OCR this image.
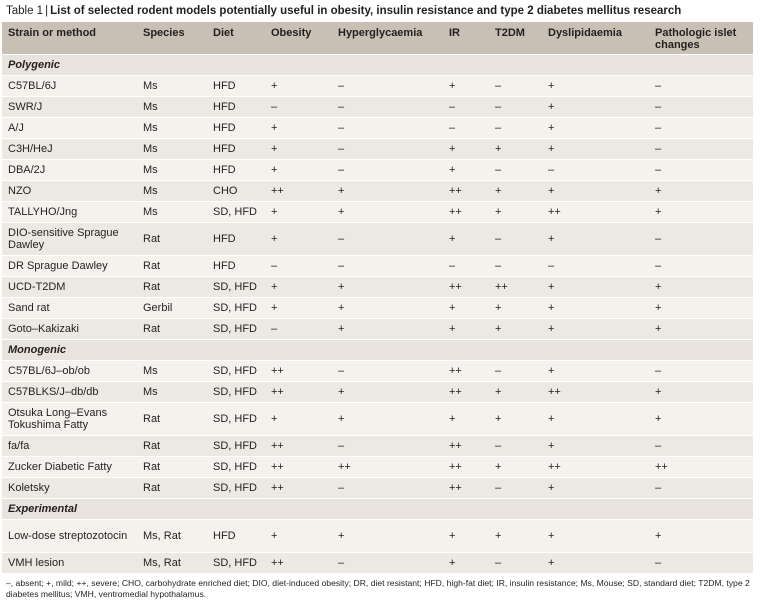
Table 1 | List of selected rodent models potentially useful in obesity, insulin resistance and type 2 diabetes mellitus research
Strain or method	Species	Diet	Obesity	Hyperglycaemia	IR	T2DM	Dyslipidaemia	Pathologic islet changes
Polygenic								
C57BL/6J	Ms	HFD	+	–	+	–	+	–
SWR/J	Ms	HFD	–	–	–	–	+	–
A/J	Ms	HFD	+	–	–	–	+	–
C3H/HeJ	Ms	HFD	+	–	+	+	+	–
DBA/2J	Ms	HFD	+	–	+	–	–	–
NZO	Ms	CHO	++	+	++	+	+	+
TALLYHO/Jng	Ms	SD, HFD	+	+	++	+	++	+
DIO-sensitive Sprague Dawley	Rat	HFD	+	–	+	–	+	–
DR Sprague Dawley	Rat	HFD	–	–	–	–	–	–
UCD-T2DM	Rat	SD, HFD	+	+	++	++	+	+
Sand rat	Gerbil	SD, HFD	+	+	+	+	+	+
Goto–Kakizaki	Rat	SD, HFD	–	+	+	+	+	+
Monogenic								
C57BL/6J–ob/ob	Ms	SD, HFD	++	–	++	–	+	–
C57BLKS/J–db/db	Ms	SD, HFD	++	+	++	+	++	+
Otsuka Long–Evans Tokushima Fatty	Rat	SD, HFD	+	+	+	+	+	+
fa/fa	Rat	SD, HFD	++	–	++	–	+	–
Zucker Diabetic Fatty	Rat	SD, HFD	++	++	++	+	++	++
Koletsky	Rat	SD, HFD	++	–	++	–	+	–
Experimental								
Low-dose streptozotocin	Ms, Rat	HFD	+	+	+	+	+	+
VMH lesion	Ms, Rat	SD, HFD	++	–	+	–	+	–
–, absent; +, mild; ++, severe; CHO, carbohydrate enriched diet; DIO, diet-induced obesity; DR, diet resistant; HFD, high-fat diet; IR, insulin resistance; Ms, Mouse; SD, standard diet; T2DM, type 2 diabetes mellitus; VMH, ventromedial hypothalamus.
